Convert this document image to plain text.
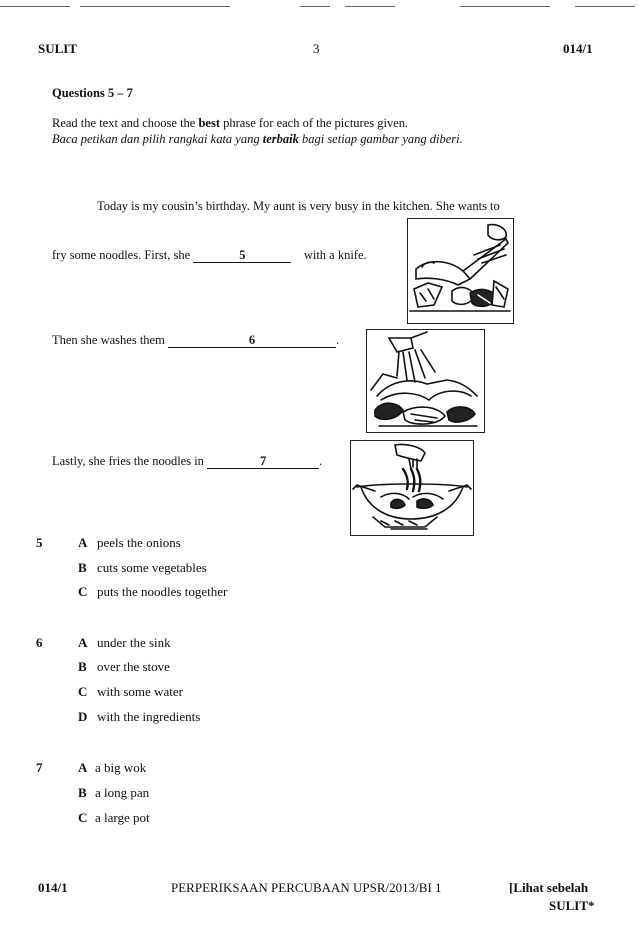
SULIT	3	014/1
Questions 5 – 7
Read the text and choose the best phrase for each of the pictures given.
Baca petikan dan pilih rangkai kata yang terbaik bagi setiap gambar yang diberi.
Today is my cousin’s birthday. My aunt is very busy in the kitchen. She wants to
fry some noodles. First, she	5	with a knife.
Then she washes them	6	.
Lastly, she fries the noodles in	7	.
5	A peels the onions
B cuts some vegetables
C puts the noodles together
6	A under the sink
B over the stove
C with some water
D with the ingredients
7	A a big wok
B a long pan
C a large pot
014/1	PERPERIKSAAN PERCUBAAN UPSR/2013/BI 1	[Lihat sebelah
SULIT*
